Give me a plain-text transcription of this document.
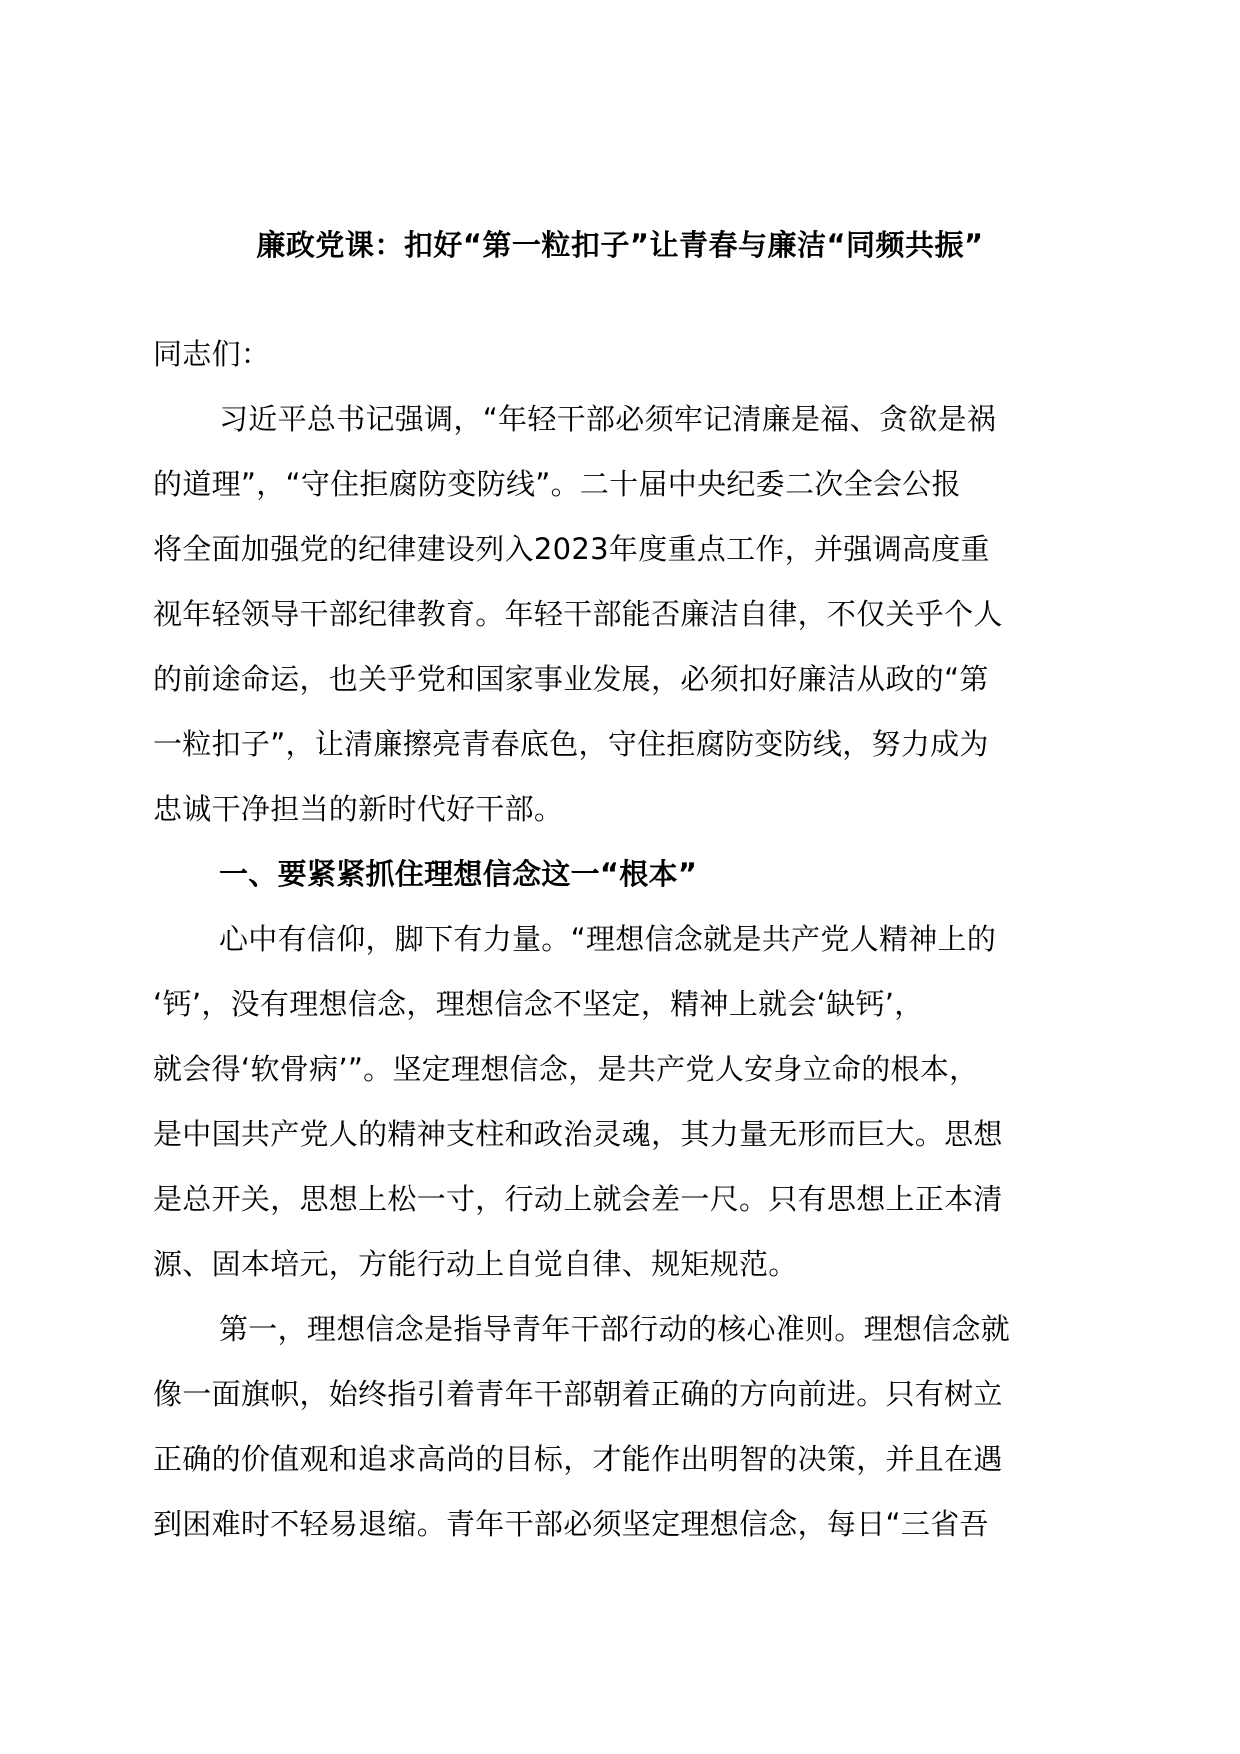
廉政党课：扣好“第一粒扣子”让青春与廉洁“同频共振”
同志们：
习近平总书记强调，“年轻干部必须牢记清廉是福、贪欲是祸
的道理”，“守住拒腐防变防线”。二十届中央纪委二次全会公报
将全面加强党的纪律建设列入2023年度重点工作，并强调高度重
视年轻领导干部纪律教育。年轻干部能否廉洁自律，不仅关乎个人
的前途命运，也关乎党和国家事业发展，必须扣好廉洁从政的“第
一粒扣子”，让清廉擦亮青春底色，守住拒腐防变防线，努力成为
忠诚干净担当的新时代好干部。
一、要紧紧抓住理想信念这一“根本”
心中有信仰，脚下有力量。“理想信念就是共产党人精神上的
‘钙’，没有理想信念，理想信念不坚定，精神上就会‘缺钙’，
就会得‘软骨病’”。坚定理想信念，是共产党人安身立命的根本，
是中国共产党人的精神支柱和政治灵魂，其力量无形而巨大。思想
是总开关，思想上松一寸，行动上就会差一尺。只有思想上正本清
源、固本培元，方能行动上自觉自律、规矩规范。
第一，理想信念是指导青年干部行动的核心准则。理想信念就
像一面旗帜，始终指引着青年干部朝着正确的方向前进。只有树立
正确的价值观和追求高尚的目标，才能作出明智的决策，并且在遇
到困难时不轻易退缩。青年干部必须坚定理想信念，每日“三省吾
